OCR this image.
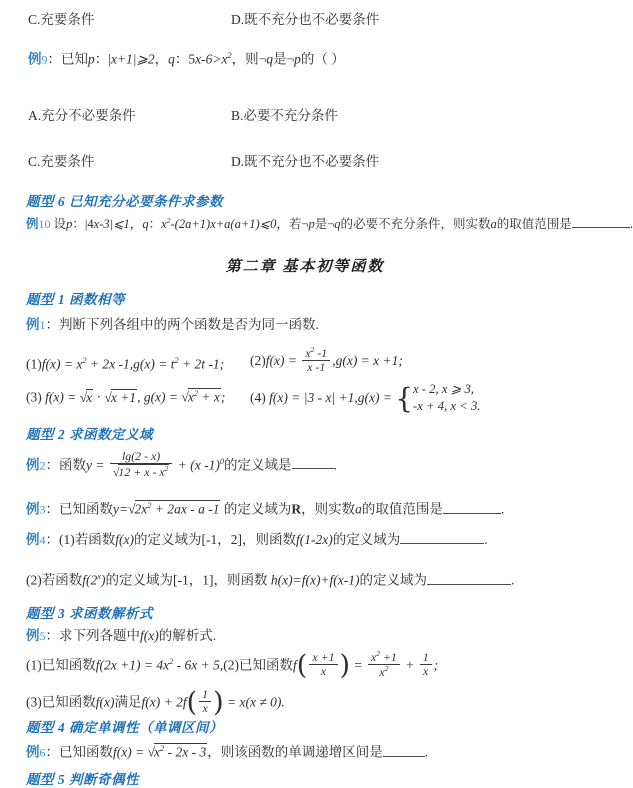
C.充要条件	D.既不充分也不必要条件
例9：已知p：|x+1|⩾2，q：$5x-6>x^2$，则¬q是¬p的（ ）
A.充分不必要条件	B.必要不充分条件
C.充要条件	D.既不充分也不必要条件
题型 6 已知充分必要条件求参数
例10 设p：|4x-3|⩽1，q：$x^2-(2a+1)x+a(a+1)⩽0$，若¬p是¬q的必要不充分条件，则实数a的取值范围是	.
第二章 基本初等函数
题型 1 函数相等
例1：判断下列各组中的两个函数是否为同一函数.
$(1)f(x) = x^2 + 2x$ $-1,g(x) = t^2 + 2t$ -1; $(2)f(x) = \frac{x^2 -1}{x -1} ,g(x) = x +1$;
(3) f(x) = √x · √x +1, $g(x) = √x^2 + x$; (4) f(x) = |3 - x| +1,g(x) = { x - 2, x ⩾ 3,
-x + 4, x < 3.
题型 2 求函数定义域
例2：函数$y = \frac{\lg(2 - x)}{√12 + x - x^2} + (x$ -1)$^0$的定义域是	.
例3：已知函数$y=√2x^2 + 2ax - a$ -1 的定义域为R，则实数a的取值范围是	.
例4：(1)若函数f(x)的定义域为[-1，2]，则函数f(1-2x)的定义域为	.
(2)若函数f(2$^x$)的定义域为[-1，1]，则函数 h(x)=f(x)+f(x-1)的定义域为	.
题型 3 求函数解析式
例5：求下列各题中f(x)的解析式.
(1)已知函数$f(2x +1) = 4x^2 - 6x + 5,(2)$已知函数$f( \frac{x +1}{x}$ ) = $\frac{x^2 +1}{x^2} + \frac{1}{x}$ ;
(3)已知函数f(x)满足$f(x) + 2f( \frac{1}{x}$ ) = x(x ≠ 0).
题型 4 确定单调性（单调区间）
例6：已知函数$f(x) = √x^2 - 2x - 3$，则该函数的单调递增区间是	.
题型 5 判断奇偶性
